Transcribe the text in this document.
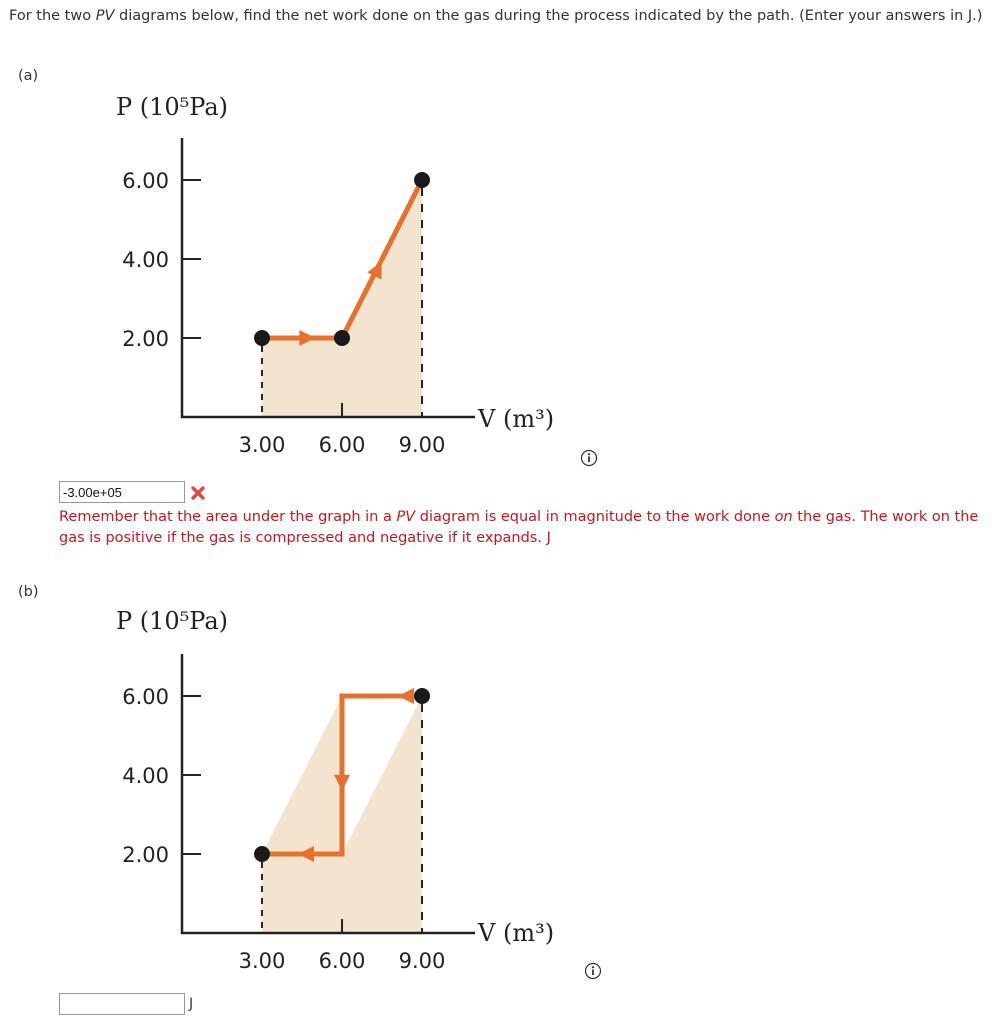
For the two PV diagrams below, find the net work done on the gas during the process indicated by the path. (Enter your answers in J.)
(a)
P (10⁵Pa)
6.00
4.00
2.00
3.00 6.00 9.00
V (m³)
-3.00e+05
Remember that the area under the graph in a PV diagram is equal in magnitude to the work done on the gas. The work on the gas is positive if the gas is compressed and negative if it expands. J
(b)
P (10⁵Pa)
6.00
4.00
2.00
3.00 6.00 9.00
V (m³)
J
